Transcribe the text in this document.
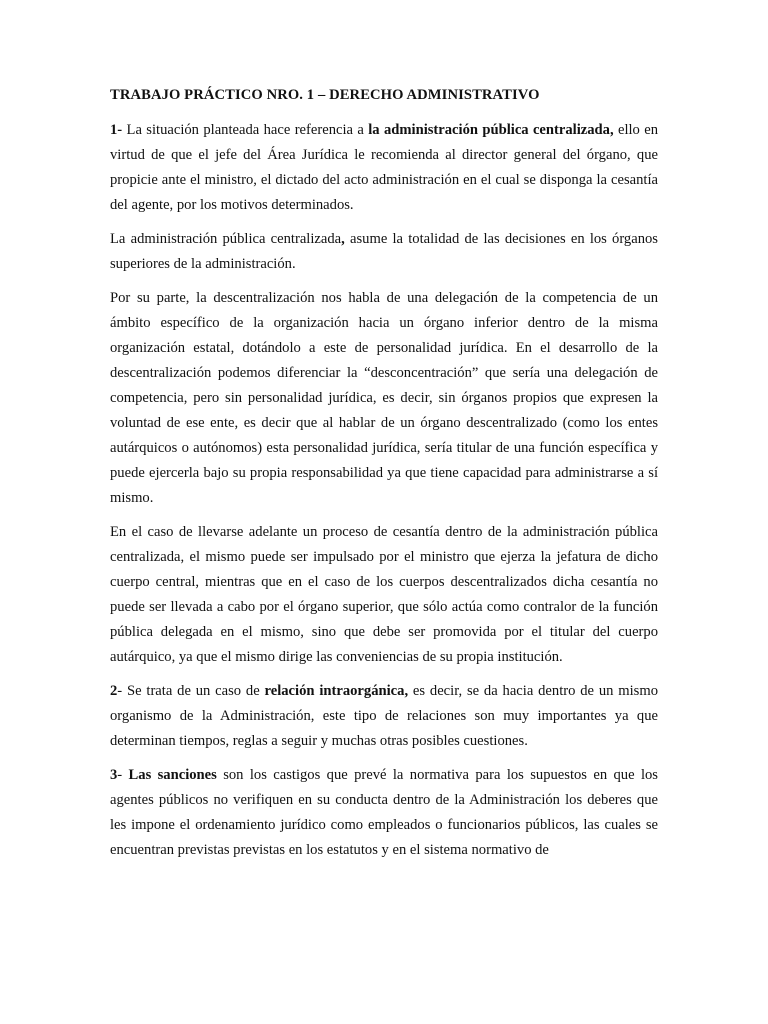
TRABAJO PRÁCTICO NRO. 1 – DERECHO ADMINISTRATIVO

1- La situación planteada hace referencia a la administración pública centralizada, ello en virtud de que el jefe del Área Jurídica le recomienda al director general del órgano, que propicie ante el ministro, el dictado del acto administración en el cual se disponga la cesantía del agente, por los motivos determinados.

La administración pública centralizada, asume la totalidad de las decisiones en los órganos superiores de la administración.

Por su parte, la descentralización nos habla de una delegación de la competencia de un ámbito específico de la organización hacia un órgano inferior dentro de la misma organización estatal, dotándolo a este de personalidad jurídica. En el desarrollo de la descentralización podemos diferenciar la “desconcentración” que sería una delegación de competencia, pero sin personalidad jurídica, es decir, sin órganos propios que expresen la voluntad de ese ente, es decir que al hablar de un órgano descentralizado (como los entes autárquicos o autónomos) esta personalidad jurídica, sería titular de una función específica y puede ejercerla bajo su propia responsabilidad ya que tiene capacidad para administrarse a sí mismo.

En el caso de llevarse adelante un proceso de cesantía dentro de la administración pública centralizada, el mismo puede ser impulsado por el ministro que ejerza la jefatura de dicho cuerpo central, mientras que en el caso de los cuerpos descentralizados dicha cesantía no puede ser llevada a cabo por el órgano superior, que sólo actúa como contralor de la función pública delegada en el mismo, sino que debe ser promovida por el titular del cuerpo autárquico, ya que el mismo dirige las conveniencias de su propia institución.

2- Se trata de un caso de relación intraorgánica, es decir, se da hacia dentro de un mismo organismo de la Administración, este tipo de relaciones son muy importantes ya que determinan tiempos, reglas a seguir y muchas otras posibles cuestiones.

3- Las sanciones son los castigos que prevé la normativa para los supuestos en que los agentes públicos no verifiquen en su conducta dentro de la Administración los deberes que les impone el ordenamiento jurídico como empleados o funcionarios públicos, las cuales se encuentran previstas previstas en los estatutos y en el sistema normativo de
